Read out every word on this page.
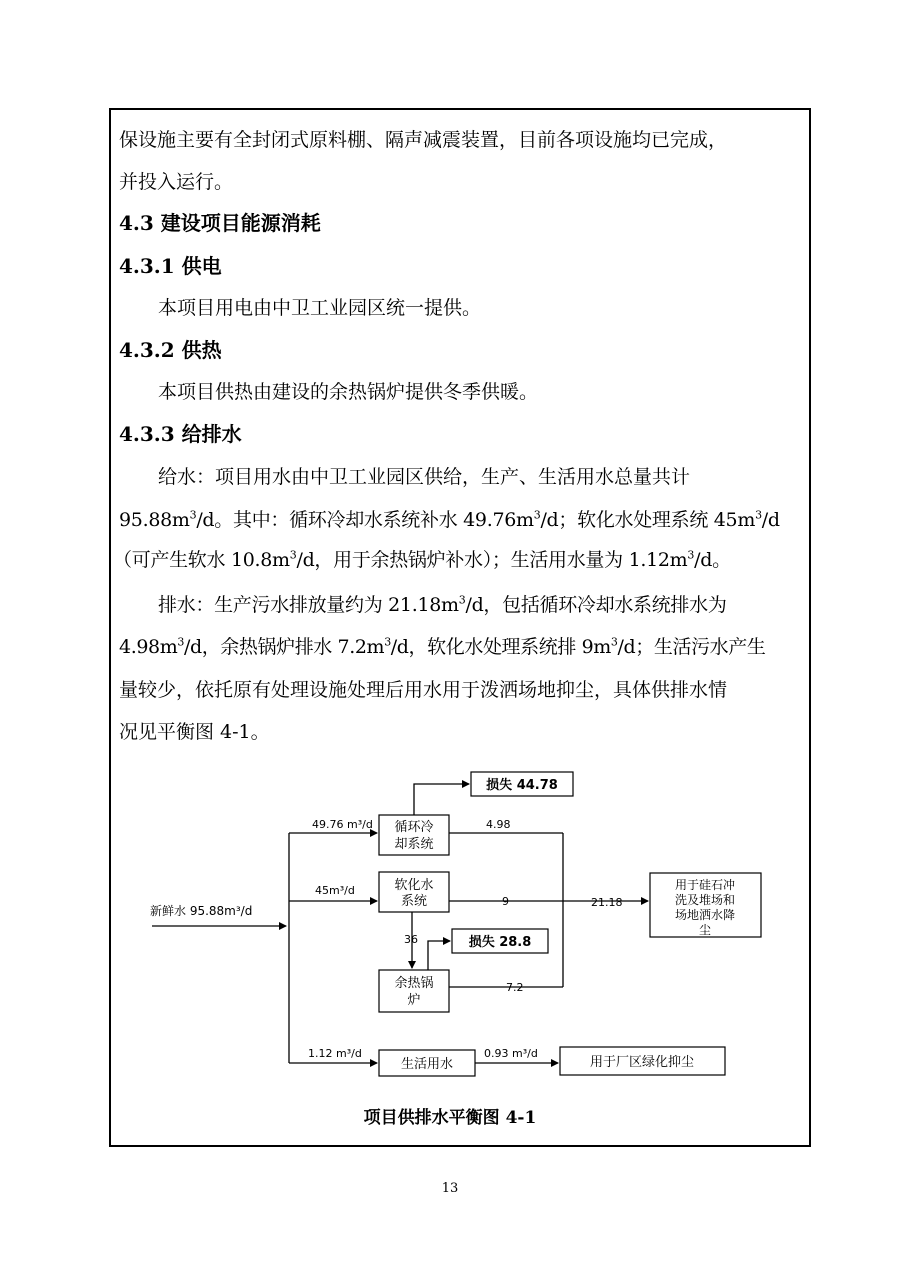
保设施主要有全封闭式原料棚、隔声减震装置，目前各项设施均已完成，
并投入运行。
4.3 建设项目能源消耗
4.3.1 供电
本项目用电由中卫工业园区统一提供。
4.3.2 供热
本项目供热由建设的余热锅炉提供冬季供暖。
4.3.3 给排水
给水：项目用水由中卫工业园区供给，生产、生活用水总量共计
$95.88m^3/d$。其中：循环冷却水系统补水 $49.76m^3/d$；软化水处理系统 $45m^3/d$
（可产生软水 $10.8m^3/d$，用于余热锅炉补水）；生活用水量为 $1.12m^3/d$。
排水：生产污水排放量约为 $21.18m^3/d$，包括循环冷却水系统排水为
$4.98m^3/d$，余热锅炉排水 $7.2m^3/d$，软化水处理系统排 $9m^3/d$；生活污水产生
量较少，依托原有处理设施处理后用水用于泼洒场地抑尘，具体供排水情
况见平衡图 4-1。
新鲜水 95.88m³/d
49.76 m³/d 循环冷
却系统
损失 44.78
45m³/d	软化水
系统
36
余热锅
炉
损失 28.8
4.98
9
7.2
21.18
用于硅石冲
洗及堆场和
场地洒水降
尘
1.12 m³/d
生活用水
0.93 m³/d
用于厂区绿化抑尘
项目供排水平衡图 4-1
13
